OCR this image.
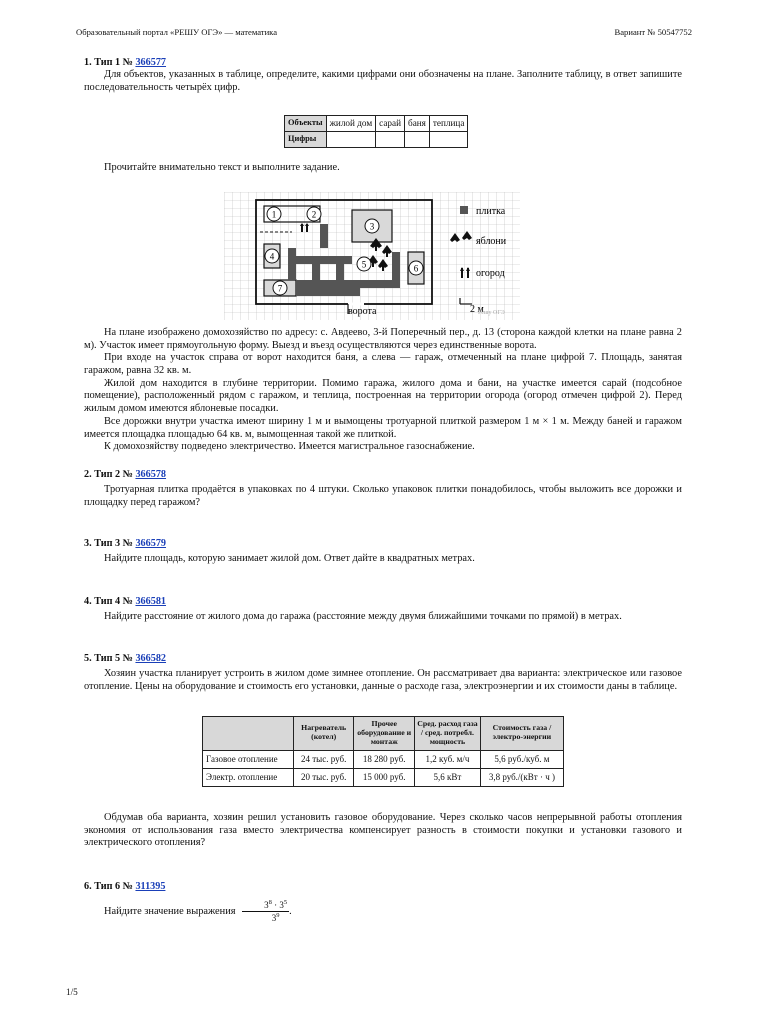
Образовательный портал «РЕШУ ОГЭ» — математика	Вариант № 50547752
1. Тип 1 № 366577

Для объектов, указанных в таблице, определите, какими цифрами они обозначены на плане. Заполните таблицу, в ответ запишите последовательность четырёх цифр.

Объекты	жилой дом	сарай	баня	теплица
Цифры				

Прочитайте внимательно текст и выполните задание.

1	2
3
4
5	6
7
плитка
яблони
огород
2 м
ворота	Решу ОГЭ

На плане изображено домохозяйство по адресу: с. Авдеево, 3-й Поперечный пер., д. 13 (сторона каждой клетки на плане равна 2 м). Участок имеет прямоугольную форму. Выезд и въезд осуществляются через единственные ворота.

При входе на участок справа от ворот находится баня, а слева — гараж, отмеченный на плане цифрой 7. Площадь, занятая гаражом, равна 32 кв. м.

Жилой дом находится в глубине территории. Помимо гаража, жилого дома и бани, на участке имеется сарай (подсобное помещение), расположенный рядом с гаражом, и теплица, построенная на территории огорода (огород отмечен цифрой 2). Перед жилым домом имеются яблоневые посадки.

Все дорожки внутри участка имеют ширину 1 м и вымощены тротуарной плиткой размером 1 м × 1 м. Между баней и гаражом имеется площадка площадью 64 кв. м, вымощенная такой же плиткой.

К домохозяйству подведено электричество. Имеется магистральное газоснабжение.

2. Тип 2 № 366578

Тротуарная плитка продаётся в упаковках по 4 штуки. Сколько упаковок плитки понадобилось, чтобы выложить все дорожки и площадку перед гаражом?

3. Тип 3 № 366579

Найдите площадь, которую занимает жилой дом. Ответ дайте в квадратных метрах.

4. Тип 4 № 366581

Найдите расстояние от жилого дома до гаража (расстояние между двумя ближайшими точками по прямой) в метрах.

5. Тип 5 № 366582

Хозяин участка планирует устроить в жилом доме зимнее отопление. Он рассматривает два варианта: электрическое или газовое отопление. Цены на оборудование и стоимость его установки, данные о расходе газа, электроэнергии и их стоимости даны в таблице.

	Нагреватель (котел)	Прочее оборудование и монтаж	Сред. расход газа / сред. потребл. мощность	Стоимость газа / электро-энергии
Газовое отопление	24 тыс. руб.	18 280 руб.	1,2 куб. м/ч	5,6 руб./куб. м
Электр. отопление	20 тыс. руб.	15 000 руб.	5,6 кВт	3,8 руб./(кВт · ч )

Обдумав оба варианта, хозяин решил установить газовое оборудование. Через сколько часов непрерывной работы отопления экономия от использования газа вместо электричества компенсирует разность в стоимости покупки и установки газового и электрического отопления?

6. Тип 6 № 311395

Найдите значение выражения $\frac{3^8 \cdot 3^5}{3^9}$ .

1/5
